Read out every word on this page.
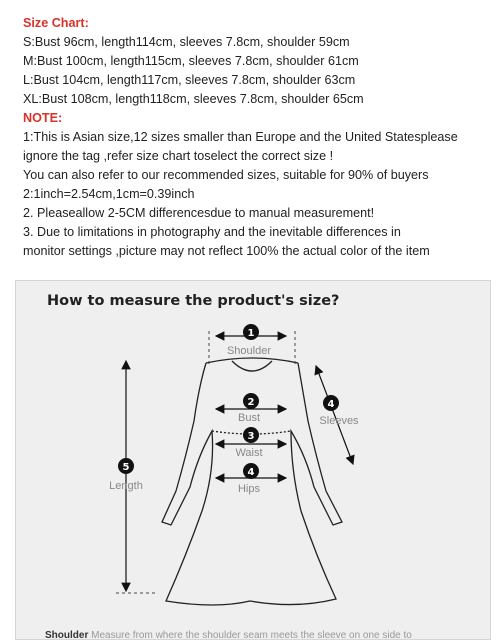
Size Chart:
S:Bust 96cm, length114cm, sleeves 7.8cm, shoulder 59cm
M:Bust 100cm, length115cm, sleeves 7.8cm, shoulder 61cm
L:Bust 104cm, length117cm, sleeves 7.8cm, shoulder 63cm
XL:Bust 108cm, length118cm, sleeves 7.8cm, shoulder 65cm
NOTE:
1:This is Asian size,12 sizes smaller than Europe and the United Statesplease
ignore the tag ,refer size chart toselect the correct size !
You can also refer to our recommended sizes, suitable for 90% of buyers
2:1inch=2.54cm,1cm=0.39inch
2. Pleaseallow 2-5CM differencesdue to manual measurement!
3. Due to limitations in photography and the inevitable differences in
monitor settings ,picture may not reflect 100% the actual color of the item
How to measure the product's size?
1
2
3
4
4
5
Shoulder
Bust
Waist
Hips
Sleeves
Length
Shoulder Measure from where the shoulder seam meets the sleeve on one side to
